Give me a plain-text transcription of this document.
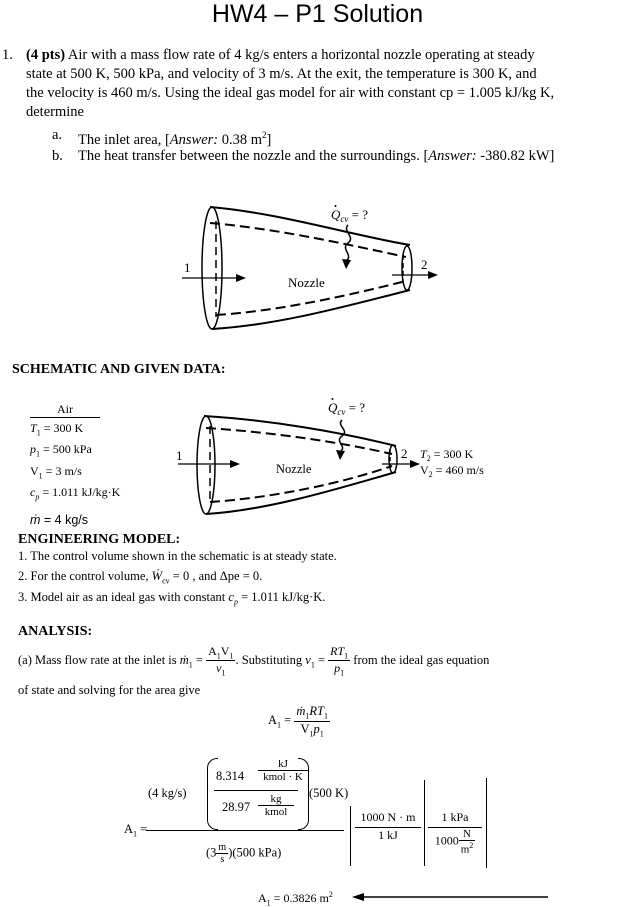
HW4 – P1 Solution
1. (4 pts) Air with a mass flow rate of 4 kg/s enters a horizontal nozzle operating at steady
state at 500 K, 500 kPa, and velocity of 3 m/s. At the exit, the temperature is 300 K, and
the velocity is 460 m/s. Using the ideal gas model for air with constant cp = 1.005 kJ/kg K,
determine
a. The inlet area, [Answer: 0.38 $m^2$]
b. The heat transfer between the nozzle and the surroundings. [Answer: -380.82 kW]
$Q_{cv}$ = ?
1	2
Nozzle
SCHEMATIC AND GIVEN DATA:
Air
$T_1 = 300$ K
$p_1 = 500$ kPa
$V_1 = 3$ m/s
$c_p = 1.011$ kJ/kg·K
ṁ = 4 kg/s
$Q_{cv}$ = ?
1	2
Nozzle
$T_2 = 300$ K
$V_2 = 460$ m/s
ENGINEERING MODEL:
1. The control volume shown in the schematic is at steady state.
2. For the control volume, Ẇ$_{cv}$ = 0 , and Δpe = 0.
3. Model air as an ideal gas with constant $c_p = 1.011$ kJ/kg·K.
ANALYSIS:
(a) Mass flow rate at the inlet is ṁ$_1$ = $\frac{A_1V_1}{v_1}$ . Substituting $v_1 = \frac{RT_1}{p_1}$ from the ideal gas equation
of state and solving for the area give
$A_1 = \frac{ṁ_1RT_1}{V_1p_1}$
$A_1$ =
(4 kg/s)
8.314
kJ
kmol · K
28.97
kg
kmol
(500 K)
$(3 \frac{m}{s} )(500$ kPa)
1000 N · m
1 kJ
1 kPa
$1000 \frac{N}{m^2}$
$A_1 = 0.3826$ $m^2$
